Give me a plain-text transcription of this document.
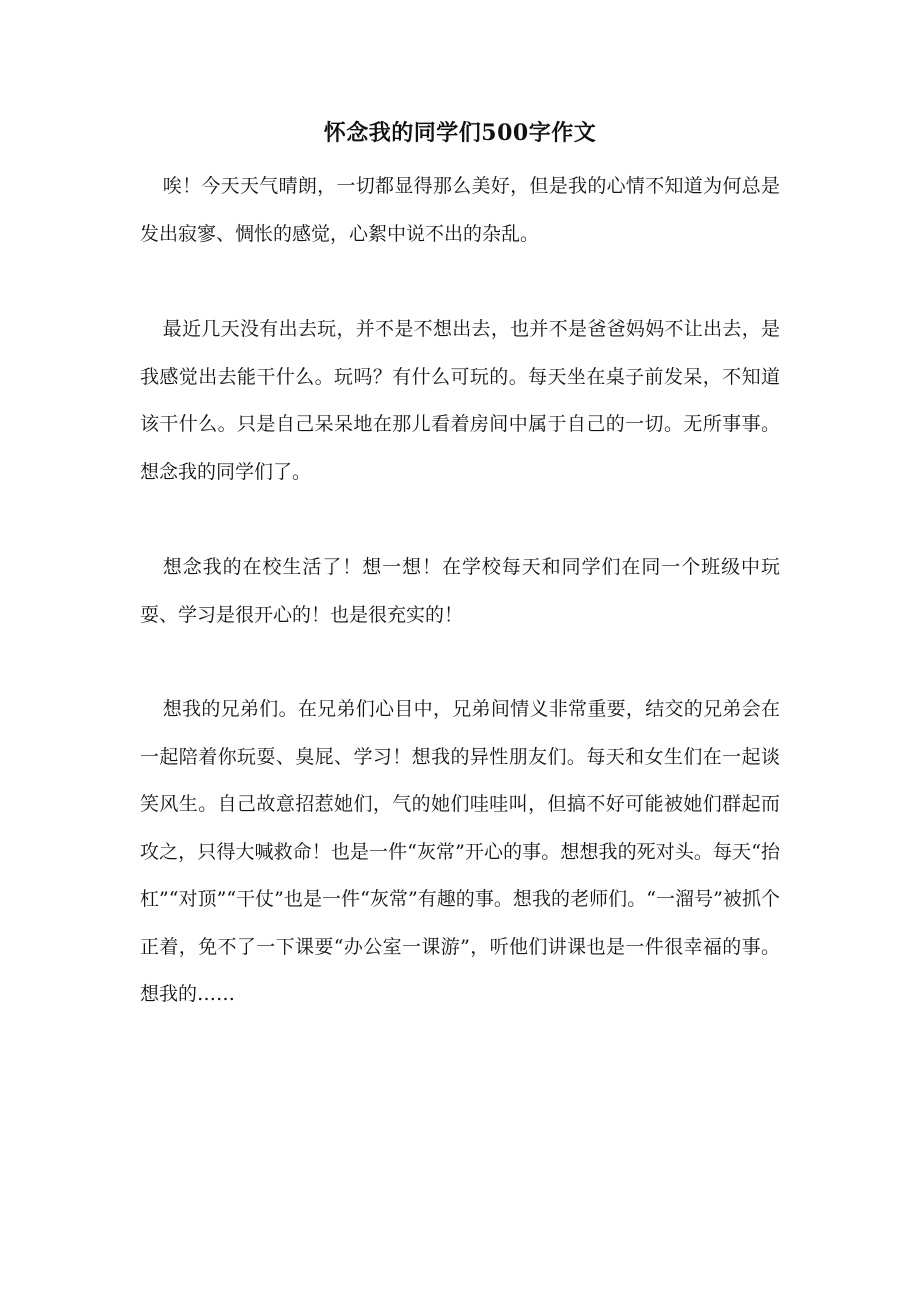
怀念我的同学们500字作文

唉！今天天气晴朗，一切都显得那么美好，但是我的心情不知道为何总是发出寂寥、惆怅的感觉，心絮中说不出的杂乱。

最近几天没有出去玩，并不是不想出去，也并不是爸爸妈妈不让出去，是我感觉出去能干什么。玩吗？有什么可玩的。每天坐在桌子前发呆，不知道该干什么。只是自己呆呆地在那儿看着房间中属于自己的一切。无所事事。想念我的同学们了。

想念我的在校生活了！想一想！在学校每天和同学们在同一个班级中玩耍、学习是很开心的！也是很充实的！

想我的兄弟们。在兄弟们心目中，兄弟间情义非常重要，结交的兄弟会在一起陪着你玩耍、臭屁、学习！想我的异性朋友们。每天和女生们在一起谈笑风生。自己故意招惹她们，气的她们哇哇叫，但搞不好可能被她们群起而攻之，只得大喊救命！也是一件“灰常”开心的事。想想我的死对头。每天“抬杠”“对顶”“干仗”也是一件“灰常”有趣的事。想我的老师们。“一溜号”被抓个正着，免不了一下课要“办公室一课游”，听他们讲课也是一件很幸福的事。想我的……
